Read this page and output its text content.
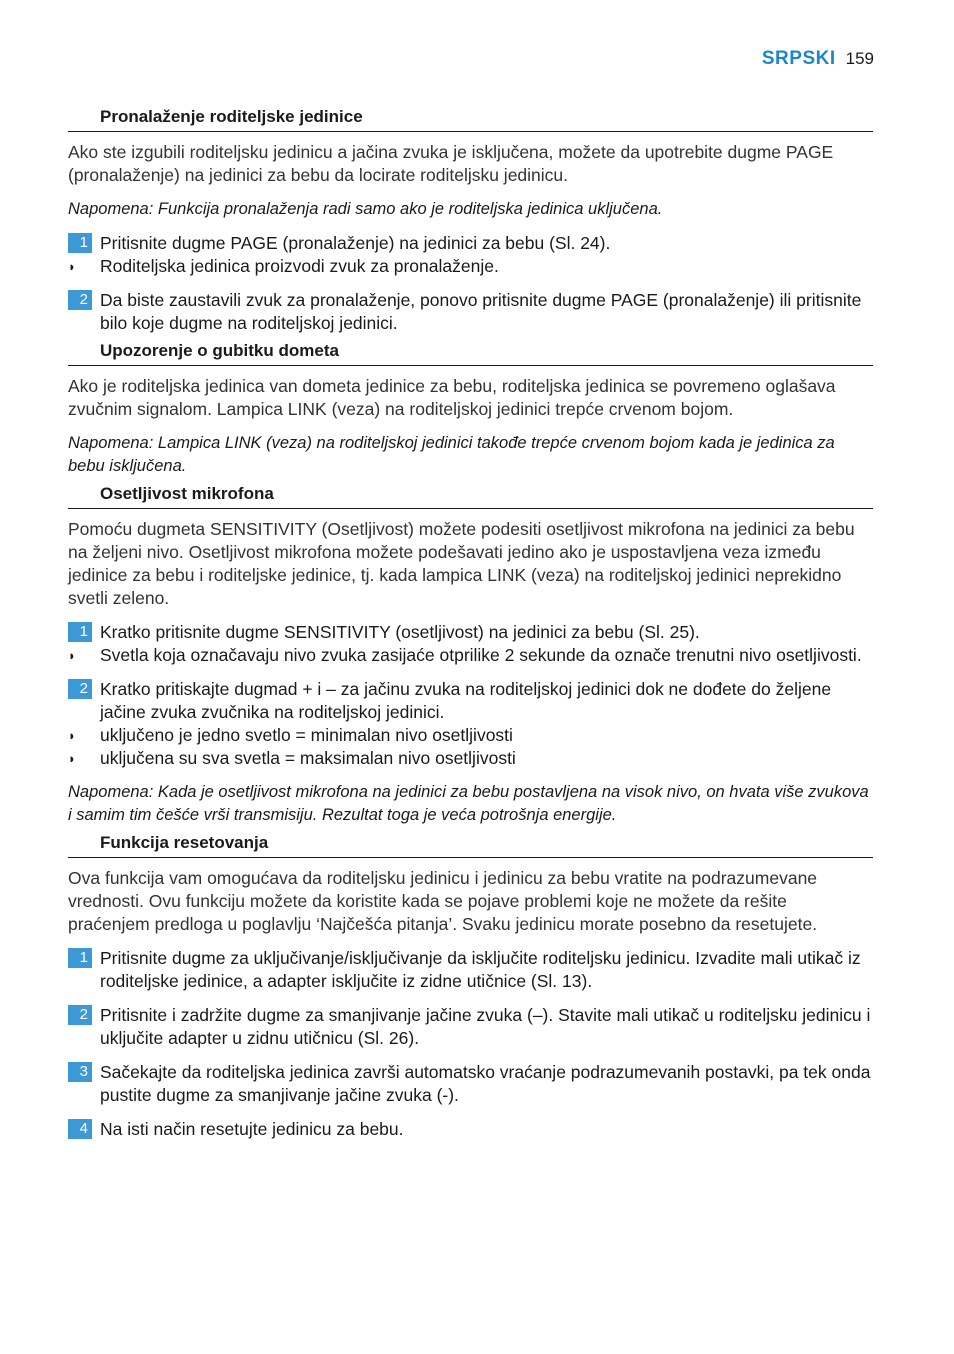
SRPSKI 159
Pronalaženje roditeljske jedinice

Ako ste izgubili roditeljsku jedinicu a jačina zvuka je isključena, možete da upotrebite dugme PAGE (pronalaženje) na jedinici za bebu da locirate roditeljsku jedinicu.

Napomena: Funkcija pronalaženja radi samo ako je roditeljska jedinica uključena.

1 Pritisnite dugme PAGE (pronalaženje) na jedinici za bebu (Sl. 24).
◗	Roditeljska jedinica proizvodi zvuk za pronalaženje.
2 Da biste zaustavili zvuk za pronalaženje, ponovo pritisnite dugme PAGE (pronalaženje) ili pritisnite bilo koje dugme na roditeljskoj jedinici.
Upozorenje o gubitku dometa

Ako je roditeljska jedinica van dometa jedinice za bebu, roditeljska jedinica se povremeno oglašava zvučnim signalom. Lampica LINK (veza) na roditeljskoj jedinici trepće crvenom bojom.

Napomena: Lampica LINK (veza) na roditeljskoj jedinici takođe trepće crvenom bojom kada je jedinica za bebu isključena.

Osetljivost mikrofona

Pomoću dugmeta SENSITIVITY (Osetljivost) možete podesiti osetljivost mikrofona na jedinici za bebu na željeni nivo. Osetljivost mikrofona možete podešavati jedino ako je uspostavljena veza između jedinice za bebu i roditeljske jedinice, tj. kada lampica LINK (veza) na roditeljskoj jedinici neprekidno svetli zeleno.

1 Kratko pritisnite dugme SENSITIVITY (osetljivost) na jedinici za bebu (Sl. 25).
◗	Svetla koja označavaju nivo zvuka zasijaće otprilike 2 sekunde da označe trenutni nivo osetljivosti.
2 Kratko pritiskajte dugmad + i – za jačinu zvuka na roditeljskoj jedinici dok ne dođete do željene jačine zvuka zvučnika na roditeljskoj jedinici.
◗	uključeno je jedno svetlo = minimalan nivo osetljivosti
◗	uključena su sva svetla = maksimalan nivo osetljivosti

Napomena: Kada je osetljivost mikrofona na jedinici za bebu postavljena na visok nivo, on hvata više zvukova i samim tim češće vrši transmisiju. Rezultat toga je veća potrošnja energije.

Funkcija resetovanja

Ova funkcija vam omogućava da roditeljsku jedinicu i jedinicu za bebu vratite na podrazumevane vrednosti. Ovu funkciju možete da koristite kada se pojave problemi koje ne možete da rešite praćenjem predloga u poglavlju ‘Najčešća pitanja’. Svaku jedinicu morate posebno da resetujete.

1 Pritisnite dugme za uključivanje/isključivanje da isključite roditeljsku jedinicu. Izvadite mali utikač iz roditeljske jedinice, a adapter isključite iz zidne utičnice (Sl. 13).
2 Pritisnite i zadržite dugme za smanjivanje jačine zvuka (–). Stavite mali utikač u roditeljsku jedinicu i uključite adapter u zidnu utičnicu (Sl. 26).
3 Sačekajte da roditeljska jedinica završi automatsko vraćanje podrazumevanih postavki, pa tek onda pustite dugme za smanjivanje jačine zvuka (-).
4 Na isti način resetujte jedinicu za bebu.
